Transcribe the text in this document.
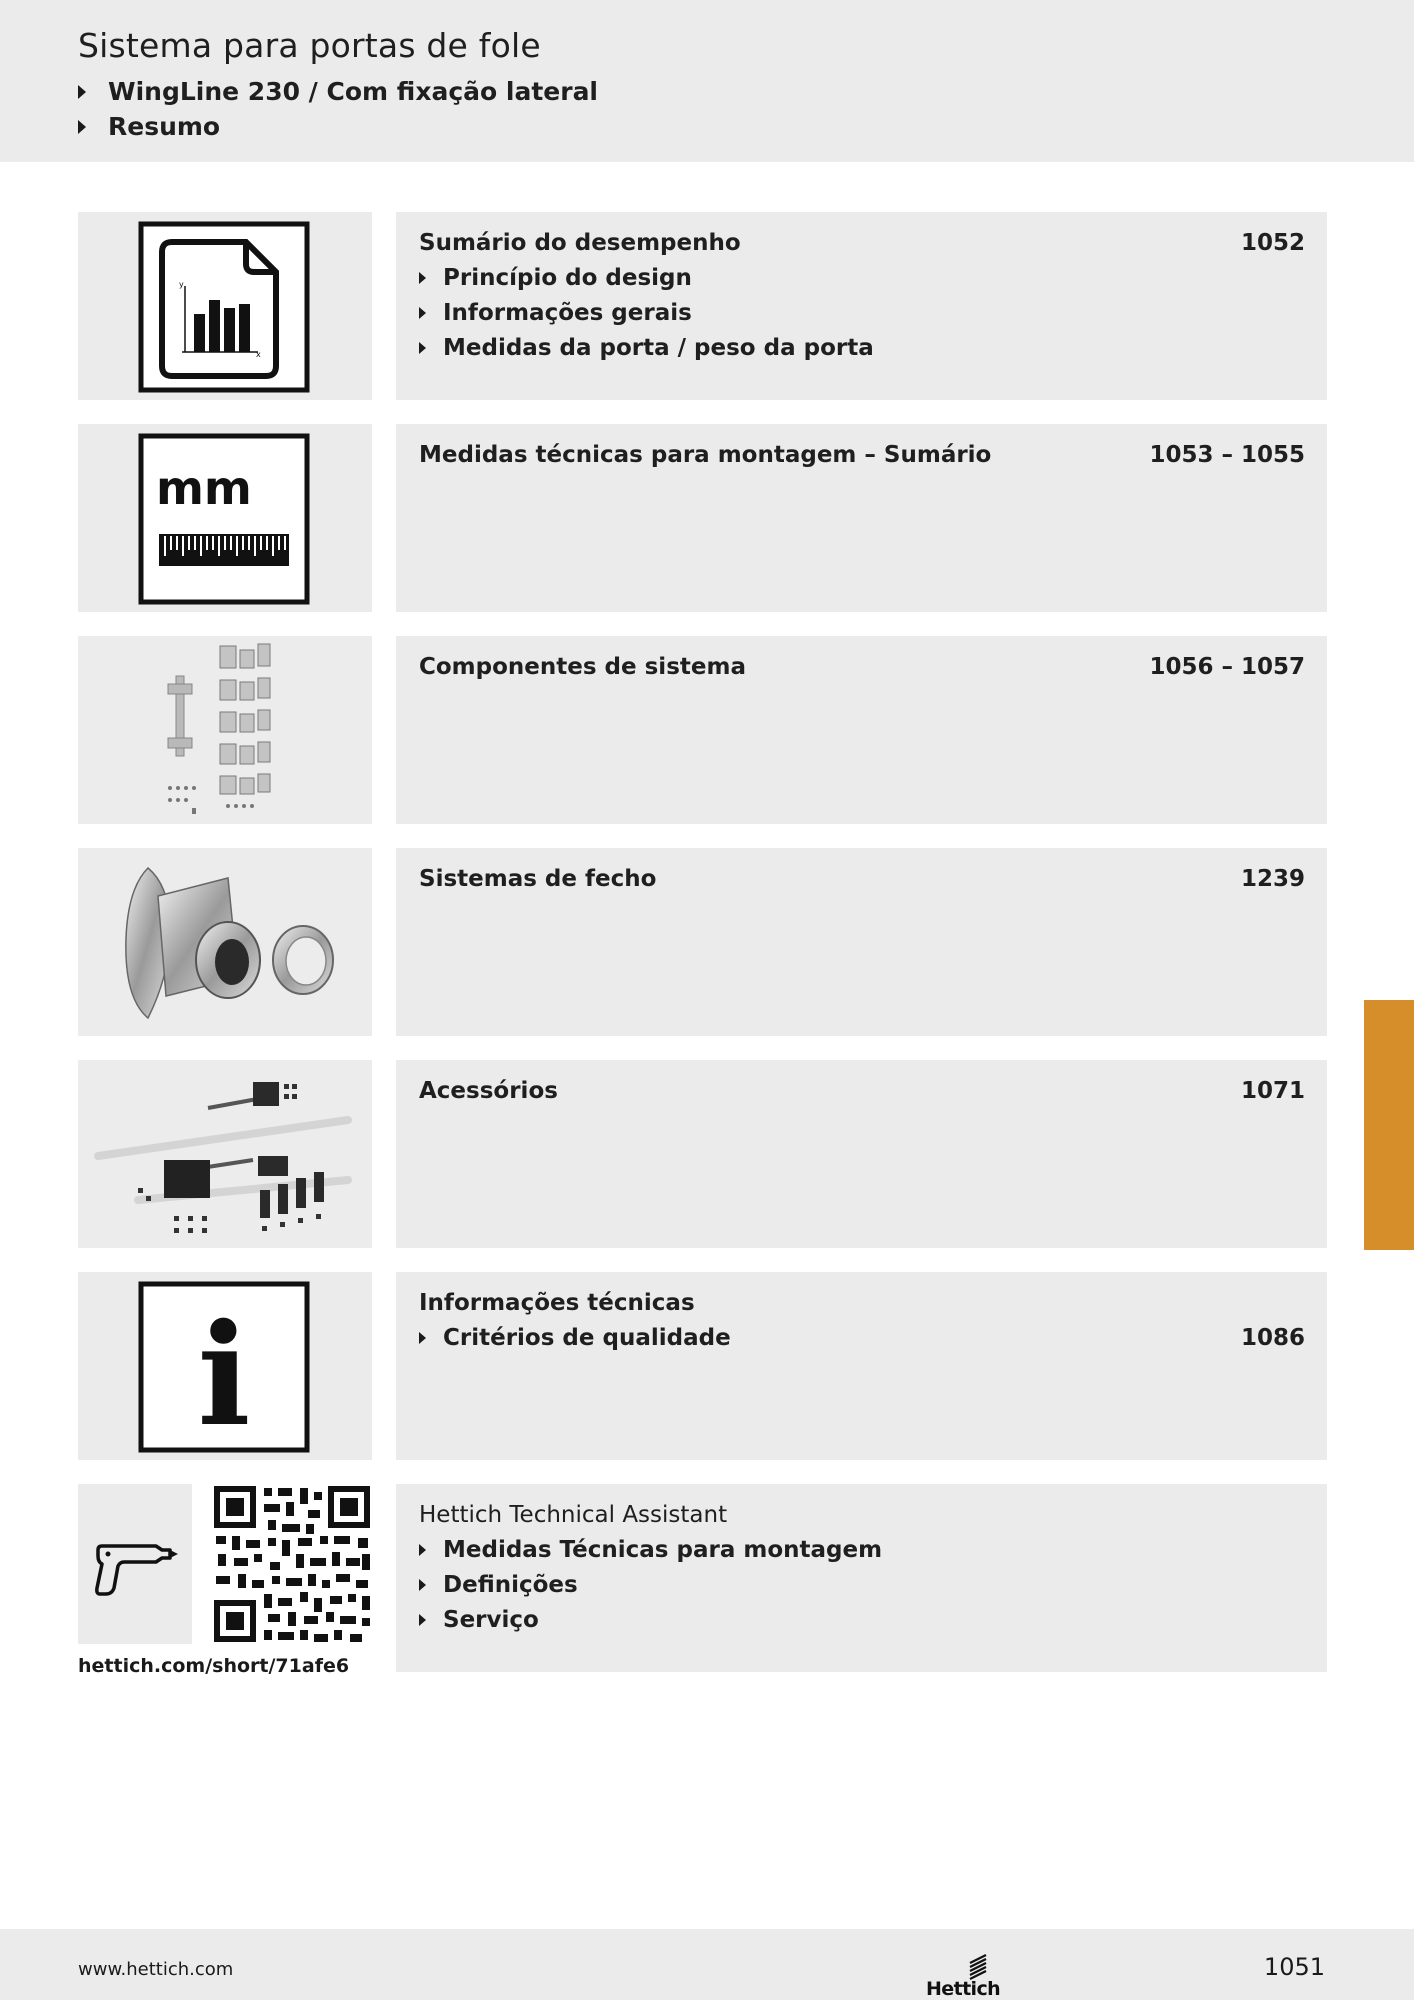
Sistema para portas de fole
WingLine 230 / Com fixação lateral
Resumo
y
x
Sumário do desempenho	1052
Princípio do design
Informações gerais
Medidas da porta / peso da porta
mm
Medidas técnicas para montagem – Sumário	1053 – 1055
Componentes de sistema	1056 – 1057
Sistemas de fecho	1239
Acessórios	1071
i	Informações técnicas
Critérios de qualidade	1086
hettich.com/short/71afe6
Hettich Technical Assistant
Medidas Técnicas para montagem
Definições
Serviço
www.hettich.com
Hettich
1051
